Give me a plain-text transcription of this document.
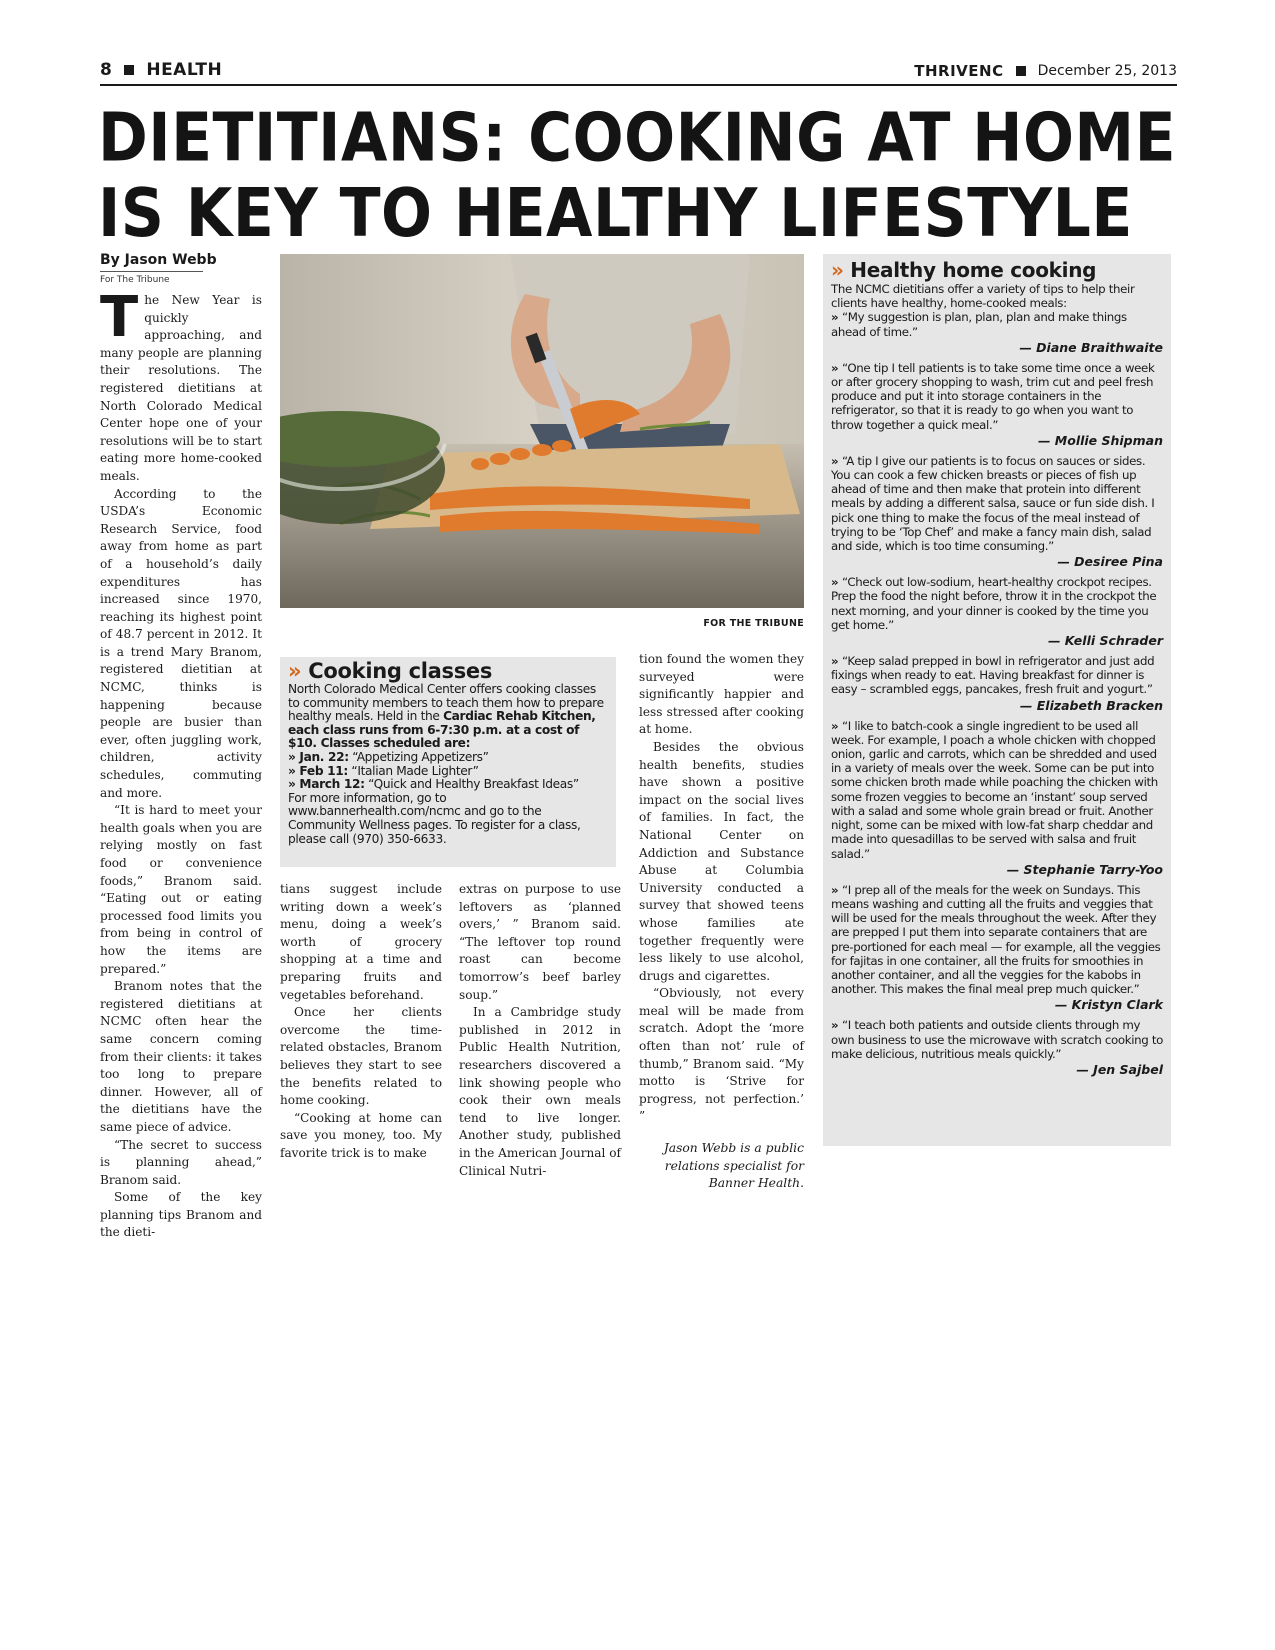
8 HEALTH	THRIVENC December 25, 2013
DIETITIANS: COOKING AT HOME
IS KEY TO HEALTHY LIFESTYLE
By Jason Webb
For The Tribune

The New Year is quickly approaching, and many people are planning their resolutions. The registered dietitians at North Colorado Medical Center hope one of your resolutions will be to start eating more home-cooked meals.

According to the USDA’s Economic Research Service, food away from home as part of a household’s daily expenditures has increased since 1970, reaching its highest point of 48.7 percent in 2012. It is a trend Mary Branom, registered dietitian at NCMC, thinks is happening because people are busier than ever, often juggling work, children, activity schedules, commuting and more.

“It is hard to meet your health goals when you are relying mostly on fast food or convenience foods,” Branom said. “Eating out or eating processed food limits you from being in control of how the items are prepared.”

Branom notes that the registered dietitians at NCMC often hear the same concern coming from their clients: it takes too long to prepare dinner. However, all of the dietitians have the same piece of advice.

“The secret to success is planning ahead,” Branom said.

Some of the key planning tips Branom and the dieti-

FOR THE TRIBUNE
» Cooking classes
North Colorado Medical Center offers cooking classes to community members to teach them how to prepare healthy meals. Held in the Cardiac Rehab Kitchen, each class runs from 6-7:30 p.m. at a cost of $10. Classes scheduled are:
» Jan. 22: “Appetizing Appetizers”
» Feb 11: “Italian Made Lighter”
» March 12: “Quick and Healthy Breakfast Ideas”
For more information, go to www.bannerhealth.com/ncmc and go to the Community Wellness pages. To register for a class, please call (970) 350-6633.

tians suggest include writing down a week’s menu, doing a week’s worth of grocery shopping at a time and preparing fruits and vegetables beforehand.

Once her clients overcome the time-related obstacles, Branom believes they start to see the benefits related to home cooking.

“Cooking at home can save you money, too. My favorite trick is to make

extras on purpose to use leftovers as ‘planned overs,’ ” Branom said. “The leftover top round roast can become tomorrow’s beef barley soup.”

In a Cambridge study published in 2012 in Public Health Nutrition, researchers discovered a link showing people who cook their own meals tend to live longer. Another study, published in the American Journal of Clinical Nutri-

tion found the women they surveyed were significantly happier and less stressed after cooking at home.

Besides the obvious health benefits, studies have shown a positive impact on the social lives of families. In fact, the National Center on Addiction and Substance Abuse at Columbia University conducted a survey that showed teens whose families ate together frequently were less likely to use alcohol, drugs and cigarettes.

“Obviously, not every meal will be made from scratch. Adopt the ‘more often than not’ rule of thumb,” Branom said. “My motto is ‘Strive for progress, not perfection.’ ”

Jason Webb is a public relations specialist for Banner Health.
» Healthy home cooking
The NCMC dietitians offer a variety of tips to help their clients have healthy, home-cooked meals:
» “My suggestion is plan, plan, plan and make things ahead of time.”
— Diane Braithwaite
» “One tip I tell patients is to take some time once a week or after grocery shopping to wash, trim cut and peel fresh produce and put it into storage containers in the refrigerator, so that it is ready to go when you want to throw together a quick meal.”
— Mollie Shipman
» “A tip I give our patients is to focus on sauces or sides. You can cook a few chicken breasts or pieces of fish up ahead of time and then make that protein into different meals by adding a different salsa, sauce or fun side dish. I pick one thing to make the focus of the meal instead of trying to be ‘Top Chef’ and make a fancy main dish, salad and side, which is too time consuming.”
— Desiree Pina
» “Check out low-sodium, heart-healthy crockpot recipes. Prep the food the night before, throw it in the crockpot the next morning, and your dinner is cooked by the time you get home.”
— Kelli Schrader
» “Keep salad prepped in bowl in refrigerator and just add fixings when ready to eat. Having breakfast for dinner is easy – scrambled eggs, pancakes, fresh fruit and yogurt.”
— Elizabeth Bracken
» “I like to batch-cook a single ingredient to be used all week. For example, I poach a whole chicken with chopped onion, garlic and carrots, which can be shredded and used in a variety of meals over the week. Some can be put into some chicken broth made while poaching the chicken with some frozen veggies to become an ‘instant’ soup served with a salad and some whole grain bread or fruit. Another night, some can be mixed with low-fat sharp cheddar and made into quesadillas to be served with salsa and fruit salad.”
— Stephanie Tarry-Yoo
» “I prep all of the meals for the week on Sundays. This means washing and cutting all the fruits and veggies that will be used for the meals throughout the week. After they are prepped I put them into separate containers that are pre-portioned for each meal — for example, all the veggies for fajitas in one container, all the fruits for smoothies in another container, and all the veggies for the kabobs in another. This makes the final meal prep much quicker.”
— Kristyn Clark
» “I teach both patients and outside clients through my own business to use the microwave with scratch cooking to make delicious, nutritious meals quickly.”
— Jen Sajbel
